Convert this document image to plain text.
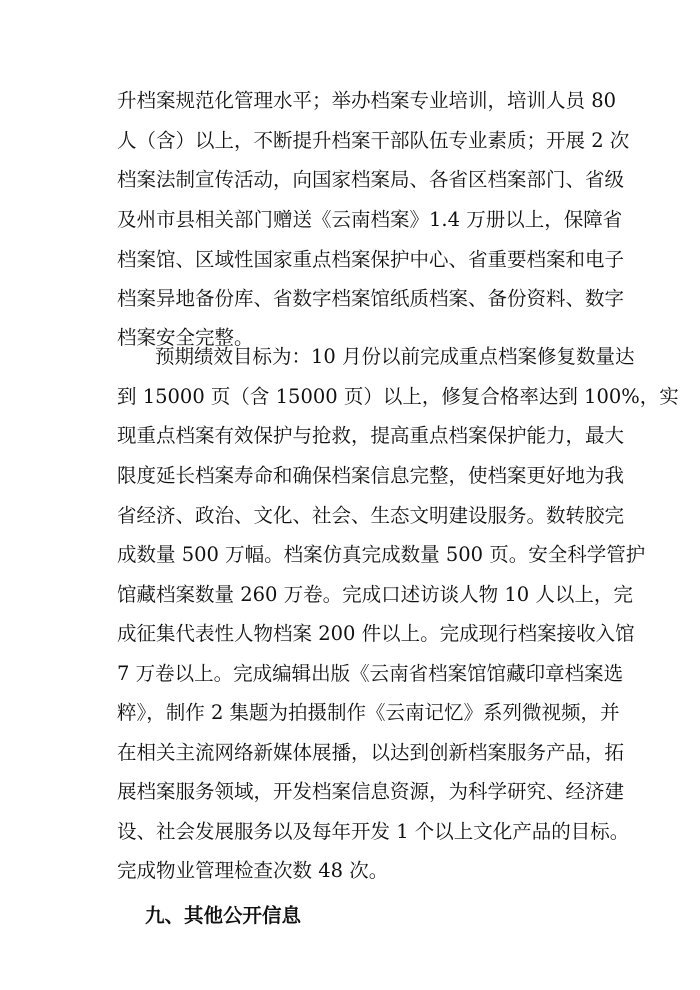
升档案规范化管理水平；举办档案专业培训，培训人员 80
人（含）以上，不断提升档案干部队伍专业素质；开展 2 次
档案法制宣传活动，向国家档案局、各省区档案部门、省级
及州市县相关部门赠送《云南档案》1.4 万册以上，保障省
档案馆、区域性国家重点档案保护中心、省重要档案和电子
档案异地备份库、省数字档案馆纸质档案、备份资料、数字
档案安全完整。
预期绩效目标为：10 月份以前完成重点档案修复数量达
到 15000 页（含 15000 页）以上，修复合格率达到 100%，实
现重点档案有效保护与抢救，提高重点档案保护能力，最大
限度延长档案寿命和确保档案信息完整，使档案更好地为我
省经济、政治、文化、社会、生态文明建设服务。数转胶完
成数量 500 万幅。档案仿真完成数量 500 页。安全科学管护
馆藏档案数量 260 万卷。完成口述访谈人物 10 人以上，完
成征集代表性人物档案 200 件以上。完成现行档案接收入馆
7 万卷以上。完成编辑出版《云南省档案馆馆藏印章档案选
粹》，制作 2 集题为拍摄制作《云南记忆》系列微视频，并
在相关主流网络新媒体展播，以达到创新档案服务产品，拓
展档案服务领域，开发档案信息资源，为科学研究、经济建
设、社会发展服务以及每年开发 1 个以上文化产品的目标。
完成物业管理检查次数 48 次。
九、其他公开信息
